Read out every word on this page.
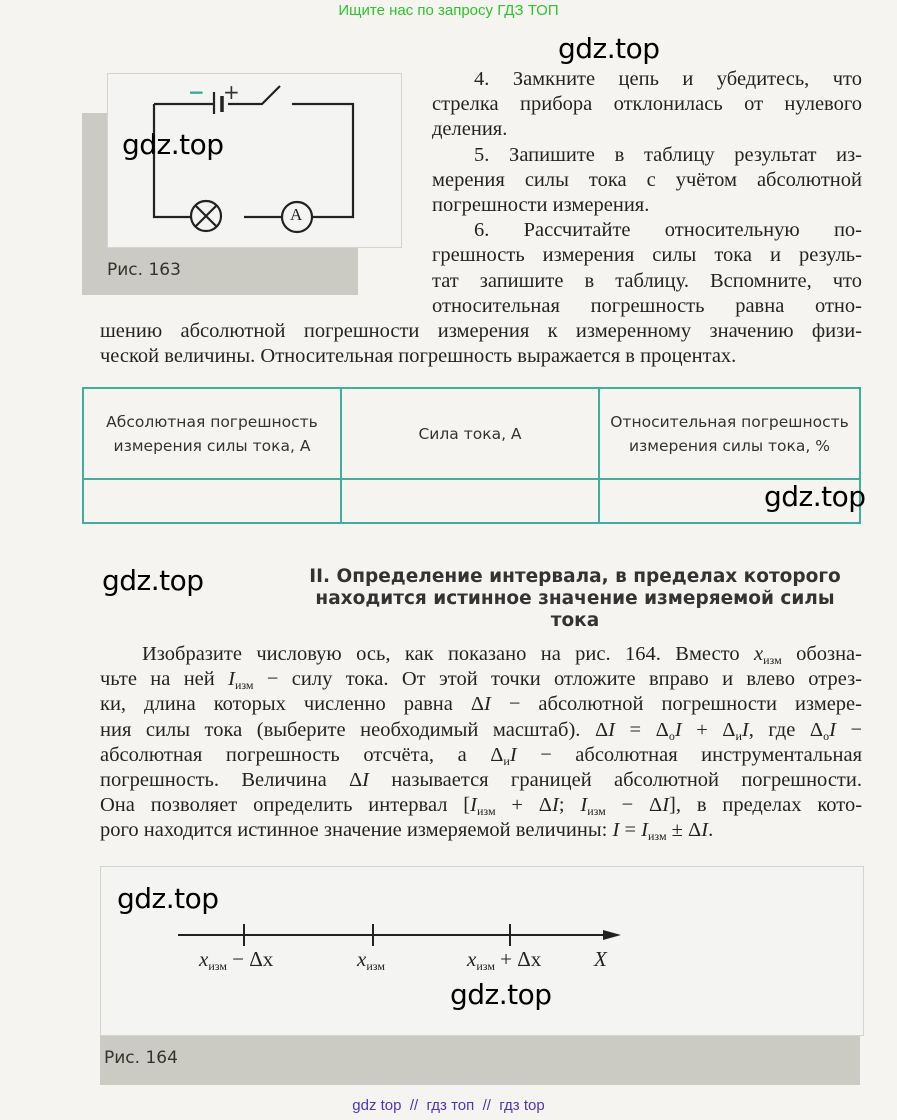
Ищите нас по запросу ГДЗ ТОП
− +
A
Рис. 163
4. Замкните цепь и убедитесь, что
стрелка прибора отклонилась от нулевого
деления.
5. Запишите в таблицу результат из-
мерения силы тока с учётом абсолютной
погрешности измерения.
6. Рассчитайте относительную по-
грешность измерения силы тока и резуль-
тат запишите в таблицу. Вспомните, что
относительная погрешность равна отно-
шению абсолютной погрешности измерения к измеренному значению физи-
ческой величины. Относительная погрешность выражается в процентах.
Абсолютная погрешность измерения силы тока, А	Сила тока, А	Относительная погрешность измерения силы тока, %

II. Определение интервала, в пределах которого находится истинное значение измеряемой силы тока
Изобразите числовую ось, как показано на рис. 164. Вместо $x_{изм}$ обозна-
чьте на ней $I_{изм}$ − силу тока. От этой точки отложите вправо и влево отрез-
ки, длина которых численно равна ΔI − абсолютной погрешности измере-
ния силы тока (выберите необходимый масштаб). $\Delta I = \Delta_оI + \Delta_иI$, где $\Delta_оI$ −
абсолютная погрешность отсчёта, а $\Delta_иI$ − абсолютная инструментальная
погрешность. Величина ΔI называется границей абсолютной погрешности.
Она позволяет определить интервал [$I_{изм} + \Delta I$; $I_{изм} - \Delta I$], в пределах кото-
рого находится истинное значение измеряемой величины: $I = I_{изм} \pm \Delta I$.
$x_{изм} - \Delta x$	$x_{изм}$	$x_{изм} + \Delta x$	X
Рис. 164
gdz.top
gdz.top
gdz.top
gdz.top
gdz.top
gdz.top
gdz top  //  гдз топ  //  гдз top
